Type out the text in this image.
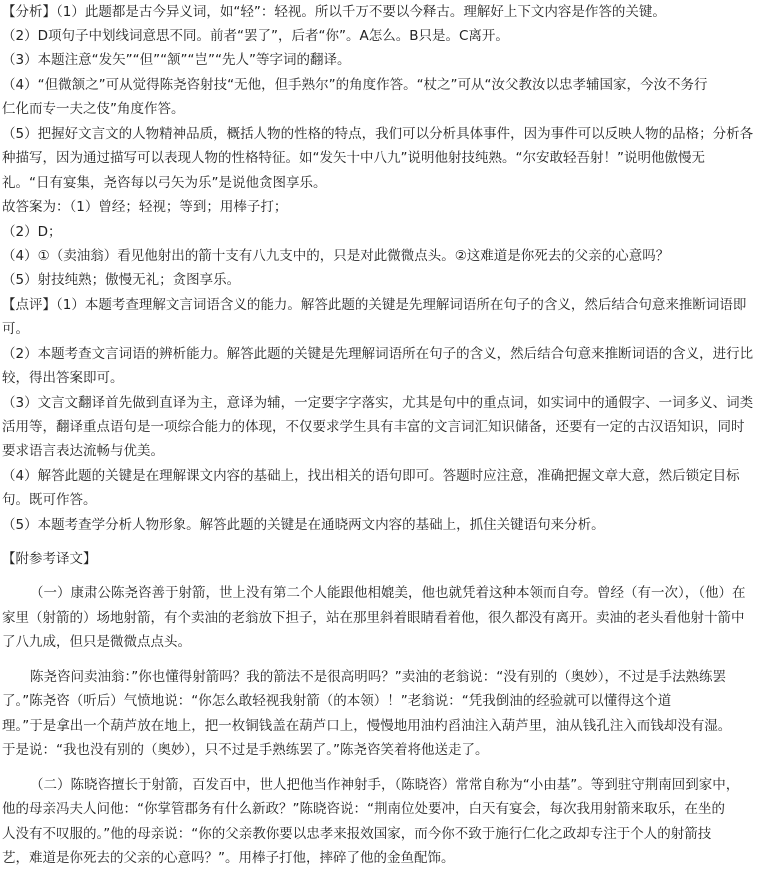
【分析】（1）此题都是古今异义词，如“轻”：轻视。所以千万不要以今释古。理解好上下文内容是作答的关键。
（2）D项句子中划线词意思不同。前者“罢了”，后者“你”。A怎么。B只是。C离开。
（3）本题注意“发矢”“但”“颔”“岂”“先人”等字词的翻译。
（4）“但微颔之”可从觉得陈尧咨射技“无他，但手熟尔”的角度作答。“杖之”可从“汝父教汝以忠孝辅国家，今汝不务行
仁化而专一夫之伎”角度作答。
（5）把握好文言文的人物精神品质，概括人物的性格的特点，我们可以分析具体事件，因为事件可以反映人物的品格；分析各
种描写，因为通过描写可以表现人物的性格特征。如“发矢十中八九”说明他射技纯熟。“尔安敢轻吾射！”说明他傲慢无
礼。“日有宴集，尧咨每以弓矢为乐”是说他贪图享乐。
故答案为：（1）曾经；轻视；等到；用棒子打；
（2）D；
（4）①（卖油翁）看见他射出的箭十支有八九支中的，只是对此微微点头。②这难道是你死去的父亲的心意吗？
（5）射技纯熟；傲慢无礼；贪图享乐。
【点评】（1）本题考查理解文言词语含义的能力。解答此题的关键是先理解词语所在句子的含义，然后结合句意来推断词语即
可。
（2）本题考查文言词语的辨析能力。解答此题的关键是先理解词语所在句子的含义，然后结合句意来推断词语的含义，进行比
较，得出答案即可。
（3）文言文翻译首先做到直译为主，意译为辅，一定要字字落实，尤其是句中的重点词，如实词中的通假字、一词多义、词类
活用等，翻译重点语句是一项综合能力的体现，不仅要求学生具有丰富的文言词汇知识储备，还要有一定的古汉语知识，同时
要求语言表达流畅与优美。
（4）解答此题的关键是在理解课文内容的基础上，找出相关的语句即可。答题时应注意，准确把握文章大意，然后锁定目标
句。既可作答。
（5）本题考查学分析人物形象。解答此题的关键是在通晓两文内容的基础上，抓住关键语句来分析。
【附参考译文】
（一）康肃公陈尧咨善于射箭，世上没有第二个人能跟他相媲美，他也就凭着这种本领而自夸。曾经（有一次），（他）在
家里（射箭的）场地射箭，有个卖油的老翁放下担子，站在那里斜着眼睛看着他，很久都没有离开。卖油的老头看他射十箭中
了八九成，但只是微微点点头。
陈尧咨问卖油翁：”你也懂得射箭吗？我的箭法不是很高明吗？”卖油的老翁说：“没有别的（奥妙），不过是手法熟练罢
了。”陈尧咨（听后）气愤地说：“你怎么敢轻视我射箭（的本领）！”老翁说：“凭我倒油的经验就可以懂得这个道
理。”于是拿出一个葫芦放在地上，把一枚铜钱盖在葫芦口上，慢慢地用油杓舀油注入葫芦里，油从钱孔注入而钱却没有湿。
于是说：“我也没有别的（奥妙），只不过是手熟练罢了。”陈尧咨笑着将他送走了。
（二）陈晓咨擅长于射箭，百发百中，世人把他当作神射手，（陈晓咨）常常自称为“小由基”。等到驻守荆南回到家中，
他的母亲冯夫人问他：“你掌管郡务有什么新政？”陈晓咨说：“荆南位处要冲，白天有宴会，每次我用射箭来取乐，在坐的
人没有不叹服的。”他的母亲说：“你的父亲教你要以忠孝来报效国家，而今你不致于施行仁化之政却专注于个人的射箭技
艺，难道是你死去的父亲的心意吗？”。用棒子打他，摔碎了他的金鱼配饰。
